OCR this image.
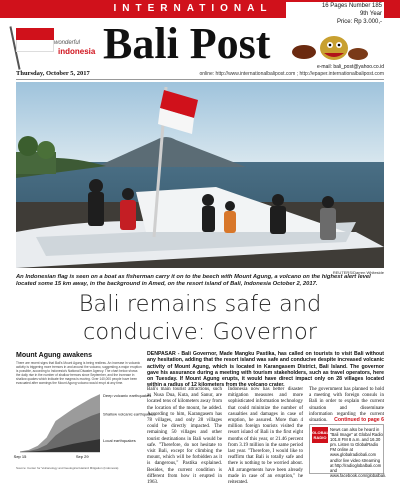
INTERNATIONAL	16 Pages Number 185
9th Year
Price: Rp 3.000,-
wonderful
indonesia Bali Post	e-mail: bali_post@yahoo.co.id
Thursday, October 5, 2017	online: http://www.internationalbalipost.com ; http://epaper.internationalbalipost.com
REUTERS/Darren Whiteside
An Indonesian flag is seen on a boat as fisherman carry it on to the beech with Mount Agung, a volcano on the highest alert level located some 15 km away, in the background in Amed, on the resort island of Bali, Indonesia October 2, 2017.
Bali remains safe and conducive: Governor
Mount Agung awakens
There are recent signs that Bali's Mount Agung is being restless. An increase in volcanic activity is triggering more tremors in and around the volcano, suggesting a major eruption is possible, according to Indonesia's National Disaster Agency. The chart below shows the daily rise in the number of shallow tremors since September, and the increase in shallow quakes which indicate the magma is moving. Over 140,000 people have been evacuated after warnings the Mount Agung volcano would erupt at any time.
Deep volcanic earthquakes
Shallow volcanic earthquakes
Local earthquakes
Sep 15	Sep 29
Source: Center for Volcanology and Geological Hazard Mitigation (Indonesia)
DENPASAR - Bali Governor, Made Mangku Pastika, has called on tourists to visit Bali without any hesitation, adding that the resort island was safe and conducive despite increased volcanic activity of Mount Agung, which is located in Karangasem District, Bali Island. The governor gave his assurance during a meeting with tourism stakeholders, such as travel operators, here on Tuesday. If Mount Agung erupts, it would have direct impact only on 28 villages located within a radius of 12 kilometers from the volcano crater.
Bali's main tourist attractions, such as Nusa Dua, Kuta, and Sanur, are located tens of kilometers away from the location of the mount, he added. According to him, Karangasem has 78 villages, and only 28 villages could be directly impacted. The remaining 50 villages and other tourist destinations in Bali would be safe. "Therefore, do not hesitate to visit Bali, except for climbing the mount, which will be forbidden as it is dangerous," Pastika explained. Besides, the current condition is different from how it erupted in 1963.
Indonesia now has better disaster mitigation measures and more sophisticated information technology that could minimize the number of casualties and damages in case of eruption, he assured. More than 4 million foreign tourists visited the resort island of Bali in the first eight months of this year, or 21.46 percent from 3.19 million in the same period last year. "Therefore, I would like to reaffirm that Bali is totally safe and there is nothing to be worried about. All arrangements have been already made in case of an eruption," he reiterated.
The government has planned to hold a meeting with foreign consuls in Bali in order to explain the current situation and disseminate information regarding the current situation.	Continued to page 6
GLOBAL RADIO
News can also be heard in "Bali Image" at Global Radio 101.8 FM 8 a.m. and 16.30 pm. Listen to GlobalRadio FM online at www.globalradiobali.com and/or live video streaming at http://radioglobalbali.com and www.facebook.com/globalbali.
